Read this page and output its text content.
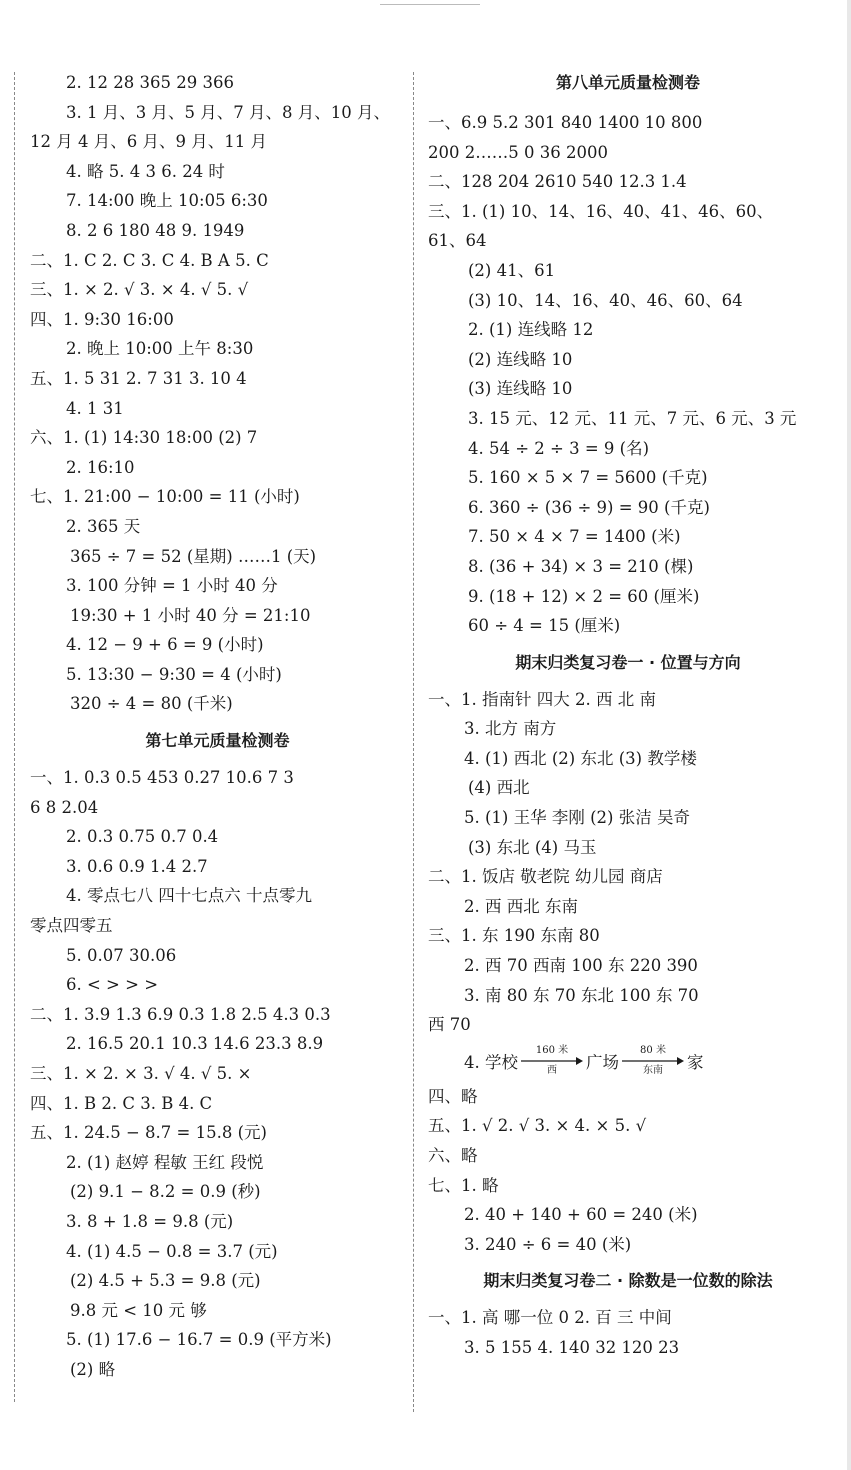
2. 12 28 365 29 366
3. 1 月、3 月、5 月、7 月、8 月、10 月、
12 月 4 月、6 月、9 月、11 月
4. 略 5. 4 3 6. 24 时
7. 14:00 晚上 10:05 6:30
8. 2 6 180 48 9. 1949
二、1. C 2. C 3. C 4. B A 5. C
三、1. × 2. √ 3. × 4. √ 5. √
四、1. 9:30 16:00
2. 晚上 10:00 上午 8:30
五、1. 5 31 2. 7 31 3. 10 4
4. 1 31
六、1. (1) 14:30 18:00 (2) 7
2. 16:10
七、1. 21:00 − 10:00 = 11 (小时)
2. 365 天
365 ÷ 7 = 52 (星期) ……1 (天)
3. 100 分钟 = 1 小时 40 分
19:30 + 1 小时 40 分 = 21:10
4. 12 − 9 + 6 = 9 (小时)
5. 13:30 − 9:30 = 4 (小时)
320 ÷ 4 = 80 (千米)
第七单元质量检测卷
一、1. 0.3 0.5 453 0.27 10.6 7 3
6 8 2.04
2. 0.3 0.75 0.7 0.4
3. 0.6 0.9 1.4 2.7
4. 零点七八 四十七点六 十点零九
零点四零五
5. 0.07 30.06
6. < > > >
二、1. 3.9 1.3 6.9 0.3 1.8 2.5 4.3 0.3
2. 16.5 20.1 10.3 14.6 23.3 8.9
三、1. × 2. × 3. √ 4. √ 5. ×
四、1. B 2. C 3. B 4. C
五、1. 24.5 − 8.7 = 15.8 (元)
2. (1) 赵婷 程敏 王红 段悦
(2) 9.1 − 8.2 = 0.9 (秒)
3. 8 + 1.8 = 9.8 (元)
4. (1) 4.5 − 0.8 = 3.7 (元)
(2) 4.5 + 5.3 = 9.8 (元)
9.8 元 < 10 元 够
5. (1) 17.6 − 16.7 = 0.9 (平方米)
(2) 略
第八单元质量检测卷
一、6.9 5.2 301 840 1400 10 800
200 2……5 0 36 2000
二、128 204 2610 540 12.3 1.4
三、1. (1) 10、14、16、40、41、46、60、
61、64
(2) 41、61
(3) 10、14、16、40、46、60、64
2. (1) 连线略 12
(2) 连线略 10
(3) 连线略 10
3. 15 元、12 元、11 元、7 元、6 元、3 元
4. 54 ÷ 2 ÷ 3 = 9 (名)
5. 160 × 5 × 7 = 5600 (千克)
6. 360 ÷ (36 ÷ 9) = 90 (千克)
7. 50 × 4 × 7 = 1400 (米)
8. (36 + 34) × 3 = 210 (棵)
9. (18 + 12) × 2 = 60 (厘米)
60 ÷ 4 = 15 (厘米)
期末归类复习卷一 · 位置与方向
一、1. 指南针 四大 2. 西 北 南
3. 北方 南方
4. (1) 西北 (2) 东北 (3) 教学楼
(4) 西北
5. (1) 王华 李刚 (2) 张洁 吴奇
(3) 东北 (4) 马玉
二、1. 饭店 敬老院 幼儿园 商店
2. 西 西北 东南
三、1. 东 190 东南 80
2. 西 70 西南 100 东 220 390
3. 南 80 东 70 东北 100 东 70
西 70
4. 学校
160 米
西 广场
80 米
东南 家
四、略
五、1. √ 2. √ 3. × 4. × 5. √
六、略
七、1. 略
2. 40 + 140 + 60 = 240 (米)
3. 240 ÷ 6 = 40 (米)
期末归类复习卷二 · 除数是一位数的除法
一、1. 高 哪一位 0 2. 百 三 中间
3. 5 155 4. 140 32 120 23
